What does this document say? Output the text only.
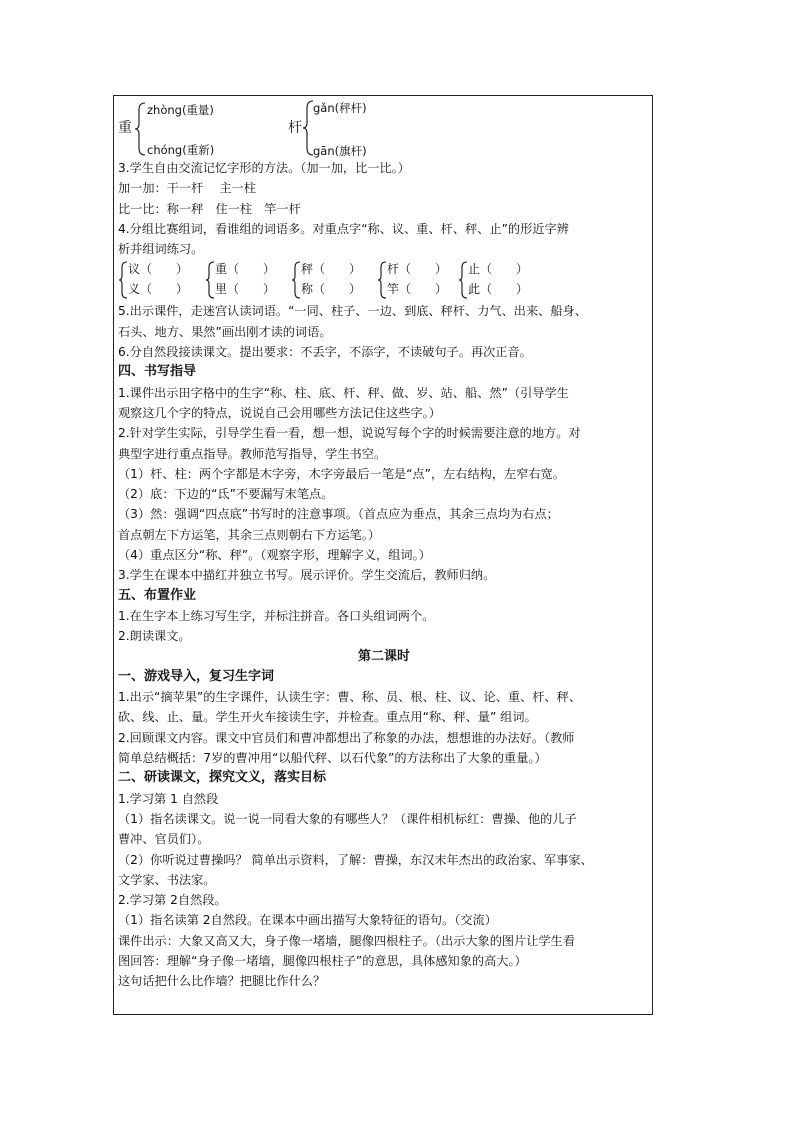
重
zhòng(重量)
chóng(重新)
杆
gǎn(秤杆)
gān(旗杆)
3.学生自由交流记忆字形的方法。（加一加，比一比。）
加一加：干一杆　 主一柱
比一比：称一秤　住一柱　竿一杆
4.分组比赛组词，看谁组的词语多。对重点字“称、议、重、杆、秤、止”的形近字辨
析并组词练习。
议（　　）
义（　　）
重（　　）
里（　　）
秤（　　）
称（　　）
杆（　　）
竿（　　）
止（　　）
此（　　）
5.出示课件，走迷宫认读词语。“一同、柱子、一边、到底、秤杆、力气、出来、船身、
石头、地方、果然”画出刚才读的词语。
6.分自然段接读课文。提出要求：不丢字，不添字，不读破句子。再次正音。
四、书写指导
1.课件出示田字格中的生字“称、柱、底、杆、秤、做、岁、站、船、然”（引导学生
观察这几个字的特点，说说自己会用哪些方法记住这些字。）
2.针对学生实际，引导学生看一看，想一想，说说写每个字的时候需要注意的地方。对
典型字进行重点指导。教师范写指导，学生书空。
（1）杆、柱：两个字都是木字旁，木字旁最后一笔是“点”，左右结构，左窄右宽。
（2）底：下边的“氐”不要漏写末笔点。
（3）然：强调“四点底”书写时的注意事项。（首点应为垂点，其余三点均为右点；
首点朝左下方运笔，其余三点则朝右下方运笔。）
（4）重点区分“称、秤”。（观察字形，理解字义，组词。）
3.学生在课本中描红并独立书写。展示评价。学生交流后，教师归纳。
五、布置作业
1.在生字本上练习写生字，并标注拼音。各口头组词两个。
2.朗读课文。
第二课时
一、游戏导入，复习生字词
1.出示“摘苹果”的生字课件，认读生字：曹、称、员、根、柱、议、论、重、杆、秤、
砍、线、止、量。学生开火车接读生字，并检查。重点用“称、秤、量” 组词。
2.回顾课文内容。课文中官员们和曹冲都想出了称象的办法，想想谁的办法好。（教师
简单总结概括：7岁的曹冲用“以船代秤、以石代象”的方法称出了大象的重量。）
二、研读课文，探究文义，落实目标
1.学习第 1 自然段
（1）指名读课文。说一说一同看大象的有哪些人？（课件相机标红：曹操、他的儿子
曹冲、官员们）。
（2）你听说过曹操吗？ 简单出示资料，了解：曹操，东汉末年杰出的政治家、军事家、
文学家、书法家。
2.学习第 2自然段。
（1）指名读第 2自然段。在课本中画出描写大象特征的语句。（交流）
课件出示：大象又高又大，身子像一堵墙，腿像四根柱子。（出示大象的图片让学生看
图回答：理解“身子像一堵墙，腿像四根柱子”的意思，具体感知象的高大。）
这句话把什么比作墙？把腿比作什么？
